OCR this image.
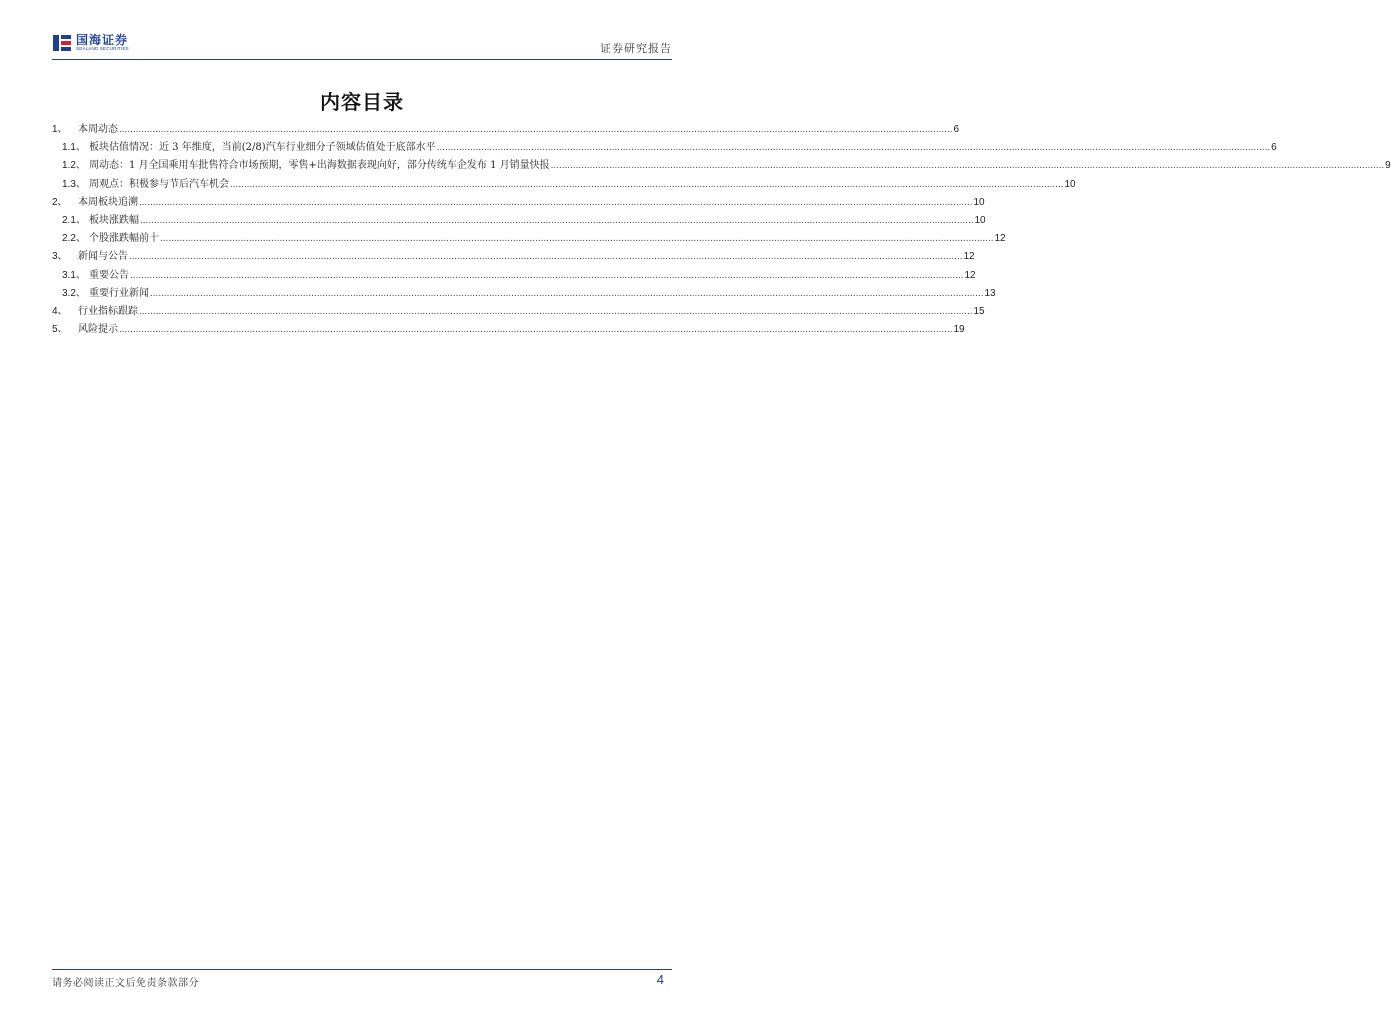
国海证券
SEALAND SECURITIES	证券研究报告
内容目录
1、	本周动态 ............................................................................................................................................................................................................................................................................................................ 6
1.1、 板块估值情况：近 3 年维度，当前(2/8)汽车行业细分子领域估值处于底部水平 ............................................................................................................................................................................................................................................................................................................ 6
1.2、 周动态：1 月全国乘用车批售符合市场预期，零售+出海数据表现向好，部分传统车企发布 1 月销量快报 ............................................................................................................................................................................................................................................................................................................ 9
1.3、 周观点：积极参与节后汽车机会 ............................................................................................................................................................................................................................................................................................................ 10
2、	本周板块追溯 ............................................................................................................................................................................................................................................................................................................ 10
2.1、 板块涨跌幅 ............................................................................................................................................................................................................................................................................................................ 10
2.2、 个股涨跌幅前十 ............................................................................................................................................................................................................................................................................................................ 12
3、	新闻与公告 ............................................................................................................................................................................................................................................................................................................ 12
3.1、 重要公告 ............................................................................................................................................................................................................................................................................................................ 12
3.2、 重要行业新闻 ............................................................................................................................................................................................................................................................................................................ 13
4、	行业指标跟踪 ............................................................................................................................................................................................................................................................................................................ 15
5、	风险提示 ............................................................................................................................................................................................................................................................................................................ 19
请务必阅读正文后免责条款部分	4
